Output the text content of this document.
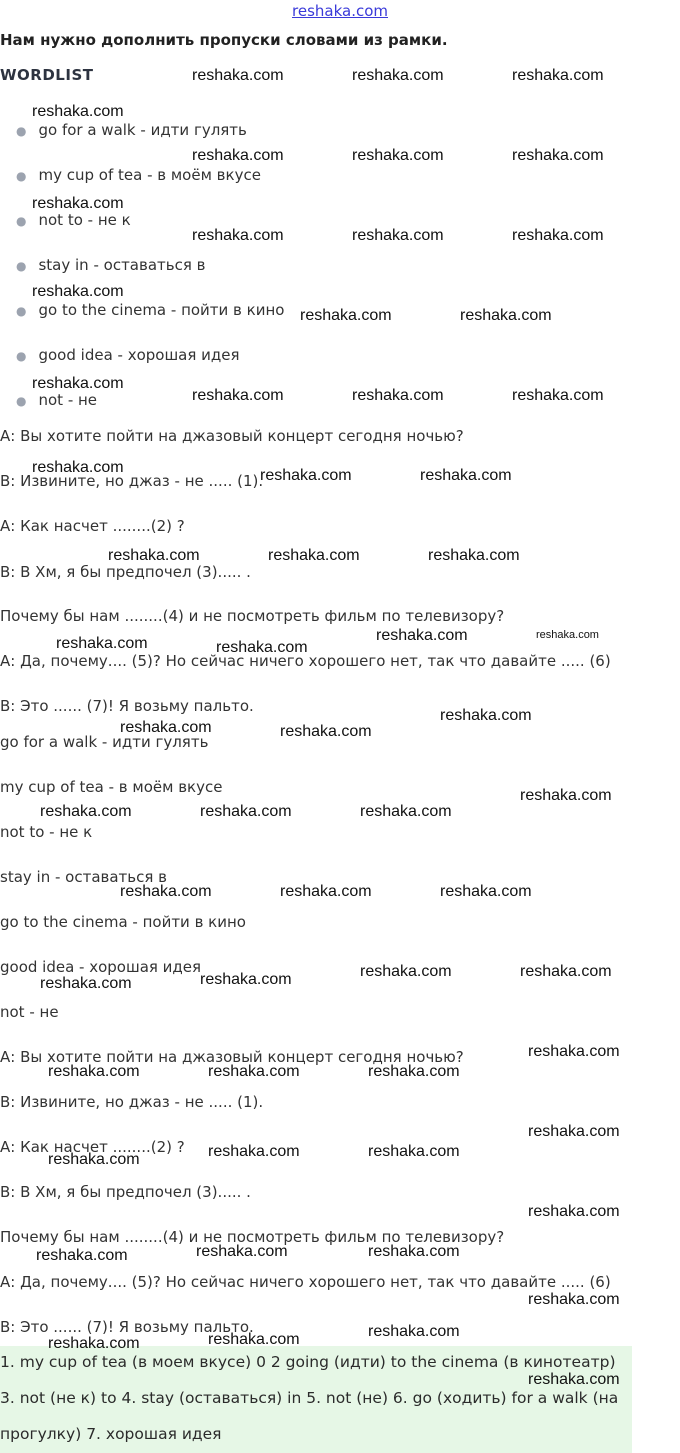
reshaka.com
Нам нужно дополнить пропуски словами из рамки.
WORDLIST
● go for a walk - идти гулять
● my cup of tea - в моём вкусе
● not to - не к
● stay in - оставаться в
● go to the cinema - пойти в кино
● good idea - хорошая идея
● not - не
А: Вы хотите пойти на джазовый концерт сегодня ночью?
В: Извините, но джаз - не ..... (1).
А: Как насчет ........(2) ?
В: В Хм, я бы предпочел (3)..... .
Почему бы нам ........(4) и не посмотреть фильм по телевизору?
А: Да, почему.... (5)? Но сейчас ничего хорошего нет, так что давайте ..... (6)
В: Это ...... (7)! Я возьму пальто.
go for a walk - идти гулять
my cup of tea - в моём вкусе
not to - не к
stay in - оставаться в
go to the cinema - пойти в кино
good idea - хорошая идея
not - не
А: Вы хотите пойти на джазовый концерт сегодня ночью?
В: Извините, но джаз - не ..... (1).
А: Как насчет ........(2) ?
В: В Хм, я бы предпочел (3)..... .
Почему бы нам ........(4) и не посмотреть фильм по телевизору?
А: Да, почему.... (5)? Но сейчас ничего хорошего нет, так что давайте ..... (6)
В: Это ...... (7)! Я возьму пальто.
1. my cup of tea (в моем вкусе) 0 2 going (идти) to the cinema (в кинотеатр)
3. not (не к) to 4. stay (оставаться) in 5. not (не) 6. go (ходить) for a walk (на
прогулку) 7. хорошая идея
reshaka.com	reshaka.com	reshaka.com
reshaka.com
reshaka.com	reshaka.com	reshaka.com
reshaka.com
reshaka.com	reshaka.com	reshaka.com
reshaka.com
reshaka.com	reshaka.com
reshaka.com
reshaka.com	reshaka.com	reshaka.com
reshaka.com	reshaka.com	reshaka.com
reshaka.com	reshaka.com	reshaka.com
reshaka.com	reshaka.com
reshaka.com	reshaka.com
reshaka.com
reshaka.com	reshaka.com
reshaka.com
reshaka.com	reshaka.com	reshaka.com
reshaka.com	reshaka.com	reshaka.com
reshaka.com	reshaka.com
reshaka.com
reshaka.com
reshaka.com
reshaka.com	reshaka.com	reshaka.com
reshaka.com
reshaka.com	reshaka.com
reshaka.com
reshaka.com
reshaka.com	reshaka.com
reshaka.com
reshaka.com
reshaka.com
reshaka.com
reshaka.com
reshaka.com
